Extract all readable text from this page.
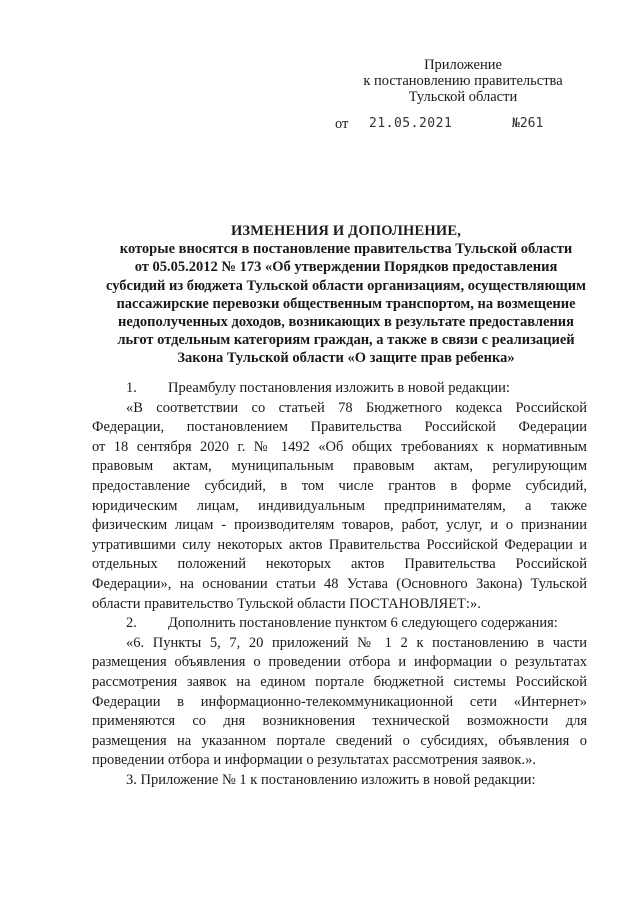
Приложение
к постановлению правительства
Тульской области
от 21.05.2021	№261
ИЗМЕНЕНИЯ И ДОПОЛНЕНИЕ,
которые вносятся в постановление правительства Тульской области
от 05.05.2012 № 173 «Об утверждении Порядков предоставления
субсидий из бюджета Тульской области организациям, осуществляющим
пассажирские перевозки общественным транспортом, на возмещение
недополученных доходов, возникающих в результате предоставления
льгот отдельным категориям граждан, а также в связи с реализацией
Закона Тульской области «О защите прав ребенка»
1. Преамбулу постановления изложить в новой редакции:
«В соответствии со статьей 78 Бюджетного кодекса Российской
Федерации, постановлением Правительства Российской Федерации
от 18 сентября 2020 г. № 1492 «Об общих требованиях к нормативным
правовым актам, муниципальным правовым актам, регулирующим
предоставление субсидий, в том числе грантов в форме субсидий,
юридическим лицам, индивидуальным предпринимателям, а также
физическим лицам - производителям товаров, работ, услуг, и о признании
утратившими силу некоторых актов Правительства Российской Федерации и
отдельных положений некоторых актов Правительства Российской
Федерации», на основании статьи 48 Устава (Основного Закона) Тульской
области правительство Тульской области ПОСТАНОВЛЯЕТ:».
2. Дополнить постановление пунктом 6 следующего содержания:
«6. Пункты 5, 7, 20 приложений № 1 2 к постановлению в части
размещения объявления о проведении отбора и информации о результатах
рассмотрения заявок на едином портале бюджетной системы Российской
Федерации в информационно-телекоммуникационной сети «Интернет»
применяются со дня возникновения технической возможности для
размещения на указанном портале сведений о субсидиях, объявления о
проведении отбора и информации о результатах рассмотрения заявок.».
3. Приложение № 1 к постановлению изложить в новой редакции:
